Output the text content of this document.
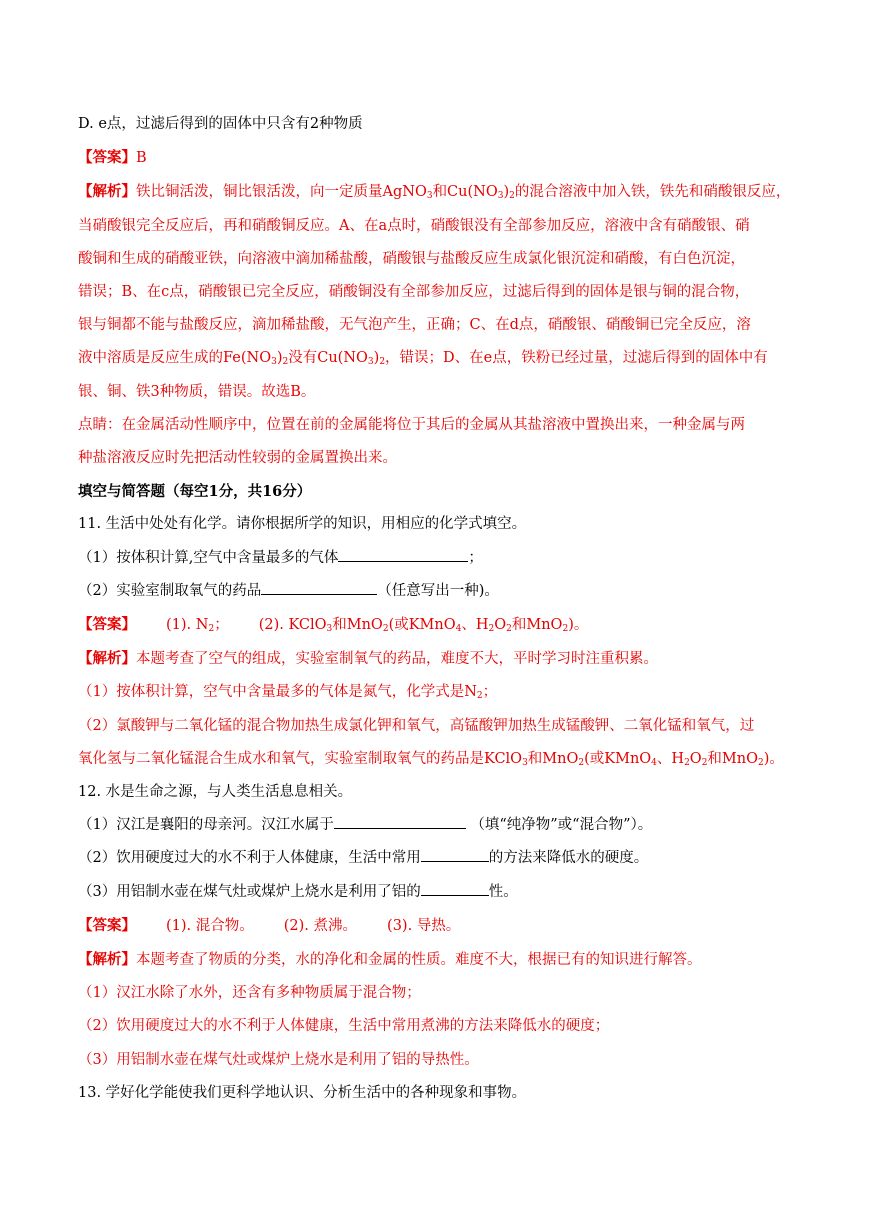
D. e点，过滤后得到的固体中只含有2种物质
【答案】B
【解析】铁比铜活泼，铜比银活泼，向一定质量AgNO$_3$和$Cu(NO_3)_2$的混合溶液中加入铁，铁先和硝酸银反应，
当硝酸银完全反应后，再和硝酸铜反应。A、在a点时，硝酸银没有全部参加反应，溶液中含有硝酸银、硝
酸铜和生成的硝酸亚铁，向溶液中滴加稀盐酸，硝酸银与盐酸反应生成氯化银沉淀和硝酸，有白色沉淀，
错误；B、在c点，硝酸银已完全反应，硝酸铜没有全部参加反应，过滤后得到的固体是银与铜的混合物，
银与铜都不能与盐酸反应，滴加稀盐酸，无气泡产生，正确；C、在d点，硝酸银、硝酸铜已完全反应，溶
液中溶质是反应生成的$Fe(NO_3)_2$没有$Cu(NO_3)_2$，错误；D、在e点，铁粉已经过量，过滤后得到的固体中有
银、铜、铁3种物质，错误。故选B。
点睛：在金属活动性顺序中，位置在前的金属能将位于其后的金属从其盐溶液中置换出来，一种金属与两
种盐溶液反应时先把活动性较弱的金属置换出来。
填空与简答题（每空1分，共16分）
11. 生活中处处有化学。请你根据所学的知识，用相应的化学式填空。
（1）按体积计算,空气中含量最多的气体	；
（2）实验室制取氧气的药品	（任意写出一种)。
【答案】 (1). $N_2$； (2). KClO$_3$和MnO$_2$(或KMnO$_4$、$H_2O_2$和MnO$_2$)。
【解析】本题考查了空气的组成，实验室制氧气的药品，难度不大，平时学习时注重积累。
（1）按体积计算，空气中含量最多的气体是氮气，化学式是$N_2$；
（2）氯酸钾与二氧化锰的混合物加热生成氯化钾和氧气，高锰酸钾加热生成锰酸钾、二氧化锰和氧气，过
氧化氢与二氧化锰混合生成水和氧气，实验室制取氧气的药品是KClO$_3$和MnO$_2$(或KMnO$_4$、$H_2O_2$和MnO$_2$)。
12. 水是生命之源，与人类生活息息相关。
（1）汉江是襄阳的母亲河。汉江水属于	（填“纯净物”或“混合物”）。
（2）饮用硬度过大的水不利于人体健康，生活中常用	的方法来降低水的硬度。
（3）用铝制水壶在煤气灶或煤炉上烧水是利用了铝的	性。
【答案】 (1). 混合物。 (2). 煮沸。 (3). 导热。
【解析】本题考查了物质的分类，水的净化和金属的性质。难度不大，根据已有的知识进行解答。
（1）汉江水除了水外，还含有多种物质属于混合物；
（2）饮用硬度过大的水不利于人体健康，生活中常用煮沸的方法来降低水的硬度；
（3）用铝制水壶在煤气灶或煤炉上烧水是利用了铝的导热性。
13. 学好化学能使我们更科学地认识、分析生活中的各种现象和事物。
